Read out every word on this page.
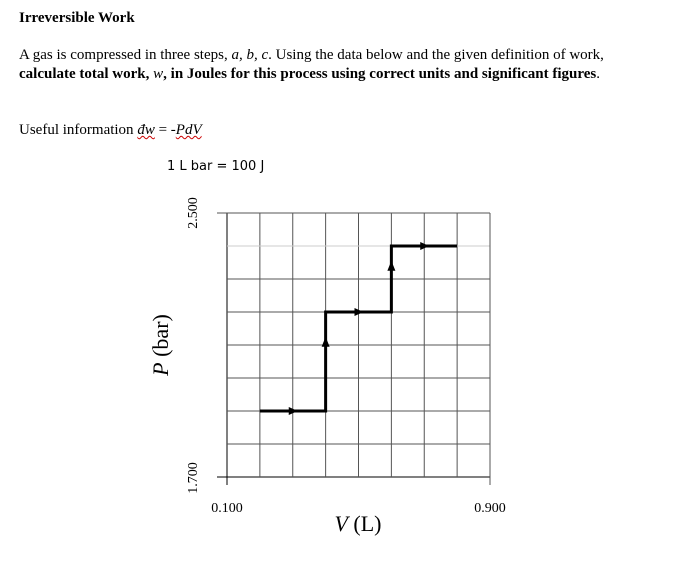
Irreversible Work
A gas is compressed in three steps, a, b, c. Using the data below and the given definition of work, calculate total work, w, in Joules for this process using correct units and significant figures.
Useful information đw = -PdV
1 L bar = 100 J
0.100	0.900
1.700
2.500
V (L)
P (bar)
